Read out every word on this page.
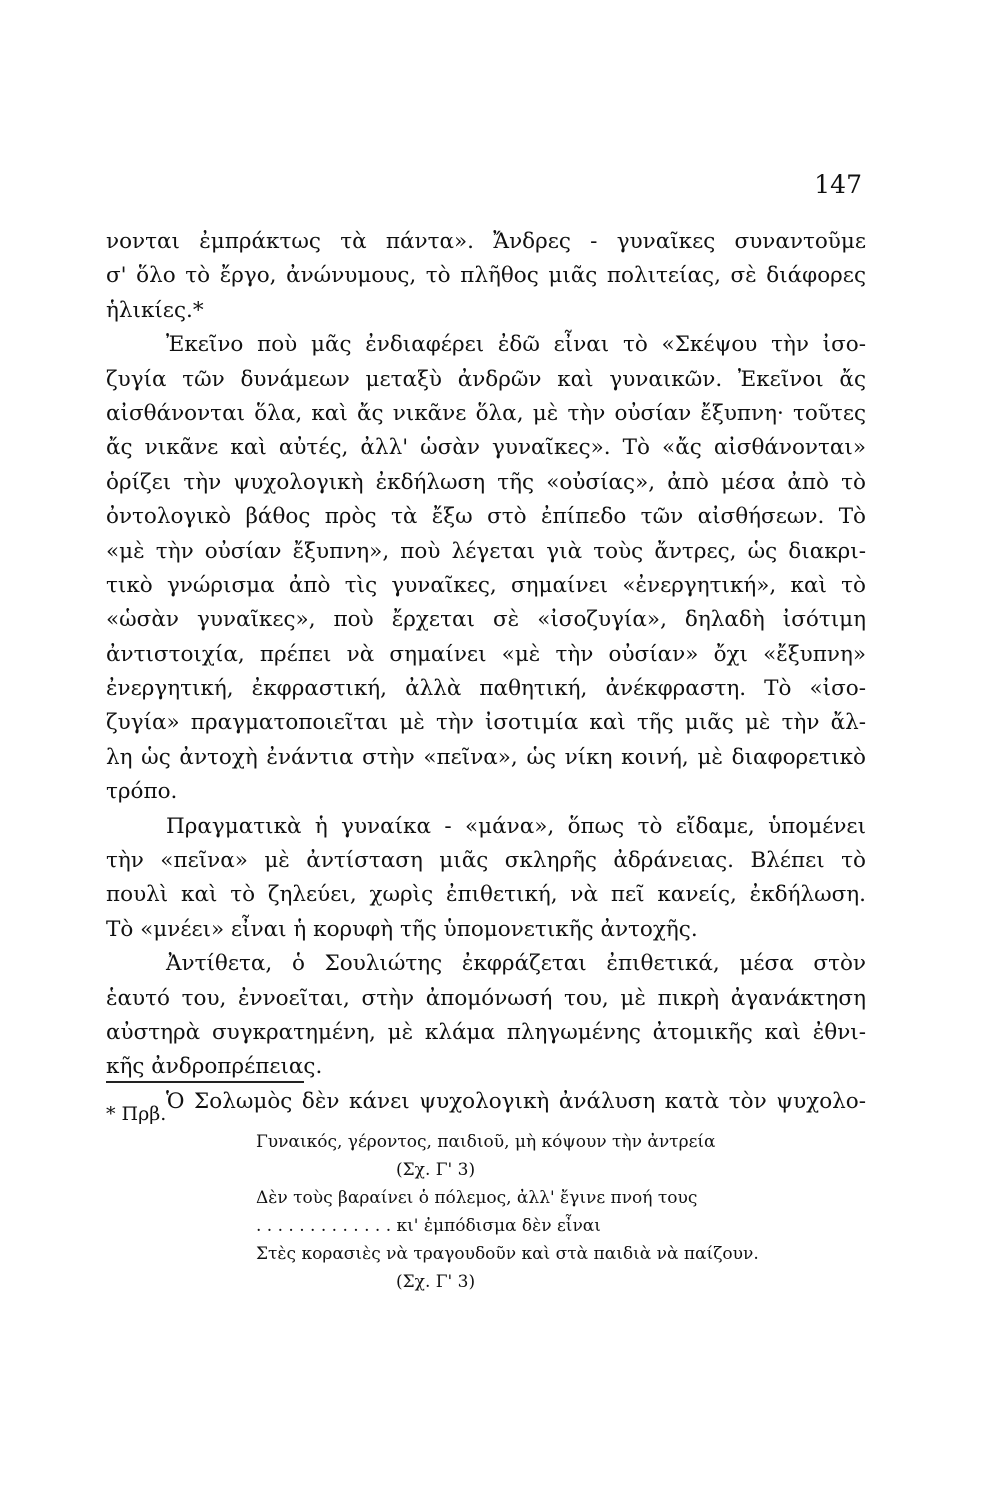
147
νονται ἐμπράκτως τὰ πάντα». Ἄνδρες - γυναῖκες συναντοῦμε
σ' ὅλο τὸ ἔργο, ἀνώνυμους, τὸ πλῆθος μιᾶς πολιτείας, σὲ διάφορες
ἡλικίες.*
Ἐκεῖνο ποὺ μᾶς ἐνδιαφέρει ἐδῶ εἶναι τὸ «Σκέψου τὴν ἰσο-
ζυγία τῶν δυνάμεων μεταξὺ ἀνδρῶν καὶ γυναικῶν. Ἐκεῖνοι ἄς
αἰσθάνονται ὅλα, καὶ ἄς νικᾶνε ὅλα, μὲ τὴν οὐσίαν ἔξυπνη· τοῦτες
ἄς νικᾶνε καὶ αὐτές, ἀλλ' ὡσὰν γυναῖκες». Τὸ «ἄς αἰσθάνονται»
ὁρίζει τὴν ψυχολογικὴ ἐκδήλωση τῆς «οὐσίας», ἀπὸ μέσα ἀπὸ τὸ
ὀντολογικὸ βάθος πρὸς τὰ ἔξω στὸ ἐπίπεδο τῶν αἰσθήσεων. Τὸ
«μὲ τὴν οὐσίαν ἔξυπνη», ποὺ λέγεται γιὰ τοὺς ἄντρες, ὡς διακρι-
τικὸ γνώρισμα ἀπὸ τὶς γυναῖκες, σημαίνει «ἐνεργητική», καὶ τὸ
«ὡσὰν γυναῖκες», ποὺ ἔρχεται σὲ «ἰσοζυγία», δηλαδὴ ἰσότιμη
ἀντιστοιχία, πρέπει νὰ σημαίνει «μὲ τὴν οὐσίαν» ὄχι «ἔξυπνη»
ἐνεργητική, ἐκφραστική, ἀλλὰ παθητική, ἀνέκφραστη. Τὸ «ἰσο-
ζυγία» πραγματοποιεῖται μὲ τὴν ἰσοτιμία καὶ τῆς μιᾶς μὲ τὴν ἄλ-
λη ὡς ἀντοχὴ ἐνάντια στὴν «πεῖνα», ὡς νίκη κοινή, μὲ διαφορετικὸ
τρόπο.
Πραγματικὰ ἡ γυναίκα - «μάνα», ὅπως τὸ εἴδαμε, ὑπομένει
τὴν «πεῖνα» μὲ ἀντίσταση μιᾶς σκληρῆς ἀδράνειας. Βλέπει τὸ
πουλὶ καὶ τὸ ζηλεύει, χωρὶς ἐπιθετική, νὰ πεῖ κανείς, ἐκδήλωση.
Τὸ «μνέει» εἶναι ἡ κορυφὴ τῆς ὑπομονετικῆς ἀντοχῆς.
Ἀντίθετα, ὁ Σουλιώτης ἐκφράζεται ἐπιθετικά, μέσα στὸν
ἑαυτό του, ἐννοεῖται, στὴν ἀπομόνωσή του, μὲ πικρὴ ἀγανάκτηση
αὐστηρὰ συγκρατημένη, μὲ κλάμα πληγωμένης ἀτομικῆς καὶ ἐθνι-
κῆς ἀνδροπρέπειας.
Ὁ Σολωμὸς δὲν κάνει ψυχολογικὴ ἀνάλυση κατὰ τὸν ψυχολο-
* Πρβ.
Γυναικός, γέροντος, παιδιοῦ, μὴ κόψουν τὴν ἀντρεία
(Σχ. Γ' 3)
Δὲν τοὺς βαραίνει ὁ πόλεμος, ἀλλ' ἔγινε πνοή τους
. . . . . . . . . . . . . κι' ἐμπόδισμα δὲν εἶναι
Στὲς κορασιὲς νὰ τραγουδοῦν καὶ στὰ παιδιὰ νὰ παίζουν.
(Σχ. Γ' 3)
